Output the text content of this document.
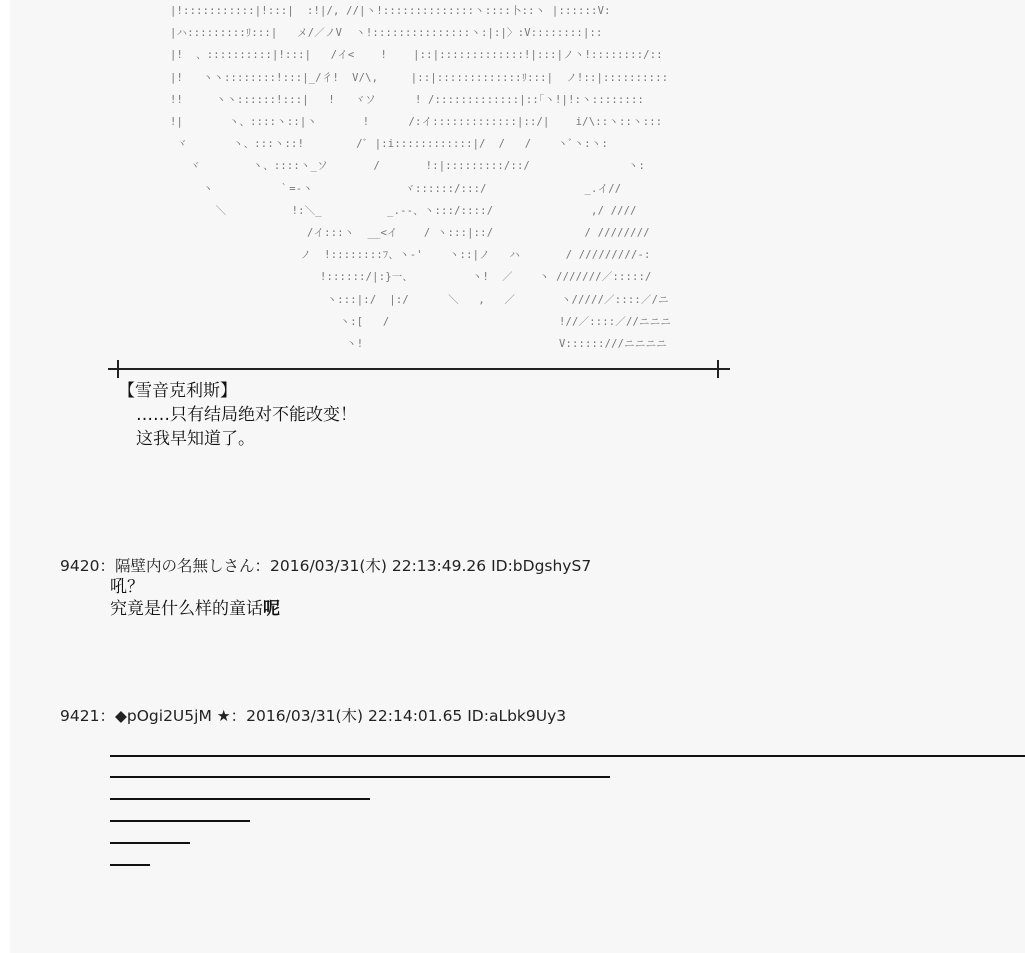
|!:::::::::::|!:::|  :!|/, //|丶!::::::::::::::丶::::卜::丶 |::::::V:
|ハ:::::::::ﾘ:::|   メ/／ノV  丶!:::::::::::::::丶:|:|〉:V::::::::|::
|!  、::::::::::|!:::|   /イ<    !    |::|:::::::::::::!|:::|ノ丶!::::::::/::
|!   丶丶::::::::!:::|_/彳!  V/\,     |::|:::::::::::::ﾘ:::|  ノ!::|::::::::::
!!     丶丶::::::!:::|   !   ヾソ      ! /:::::::::::::|::｢丶!|!:丶::::::::
!|       丶、::::丶::|丶       !      /:イ:::::::::::::|::/|    i/\::丶::丶:::
ヾ       丶、:::丶::!        /ﾞ |:i::::::::::::|/  /   /    丶ﾞ丶:丶:
ヾ        丶、::::丶_ソ       /       !:|:::::::::/::/               丶:
丶          ｀=-丶              ヾ::::::/:::/               _.イ//
＼          !:＼_          _.--、丶:::/::::/               ,/ ////
/イ:::丶  __<イ    / 丶:::|::/              / ////////
ノ  !::::::::ﾌ、丶-'    丶::|ノ   ハ       / /////////-:
!::::::/|:}一、         丶!  ／    丶 ///////／:::::/
丶:::|:/  |:/      ＼   ,   ／       丶/////／::::／/ニ
丶:[   /                          !//／::::／//ニニニ
丶!                              V::::::///ニニニニ
【雪音克利斯】
……只有结局绝对不能改变！
这我早知道了。
9420：隔壁内の名無しさん：2016/03/31(木) 22:13:49.26 ID:bDgshyS7
吼？
究竟是什么样的童话呢
9421：◆pOgi2U5jM ★：2016/03/31(木) 22:14:01.65 ID:aLbk9Uy3
